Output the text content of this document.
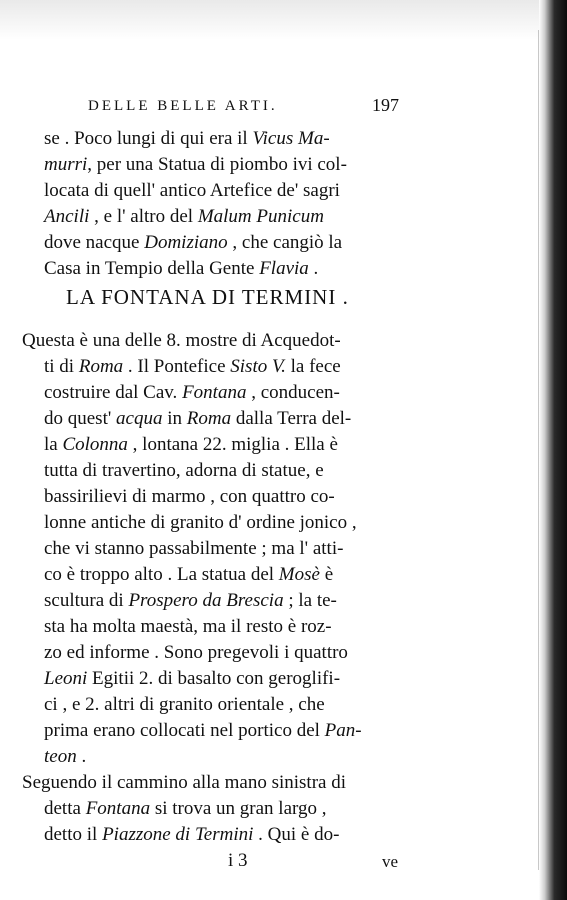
DELLE BELLE ARTI.	197
se . Poco lungi di qui era il Vicus Ma-
murri, per una Statua di piombo ivi col-
locata di quell' antico Artefice de' sagri
Ancili , e l' altro del Malum Punicum
dove nacque Domiziano , che cangiò la
Casa in Tempio della Gente Flavia .
LA FONTANA DI TERMINI .
Questa è una delle 8. mostre di Acquedot-
ti di Roma . Il Pontefice Sisto V. la fece
costruire dal Cav. Fontana , conducen-
do quest' acqua in Roma dalla Terra del-
la Colonna , lontana 22. miglia . Ella è
tutta di travertino, adorna di statue, e
bassirilievi di marmo , con quattro co-
lonne antiche di granito d' ordine jonico ,
che vi stanno passabilmente ; ma l' atti-
co è troppo alto . La statua del Mosè è
scultura di Prospero da Brescia ; la te-
sta ha molta maestà, ma il resto è roz-
zo ed informe . Sono pregevoli i quattro
Leoni Egitii 2. di basalto con geroglifi-
ci , e 2. altri di granito orientale , che
prima erano collocati nel portico del Pan-
teon .
Seguendo il cammino alla mano sinistra di
detta Fontana si trova un gran largo ,
detto il Piazzone di Termini . Qui è do-
i 3	ve
